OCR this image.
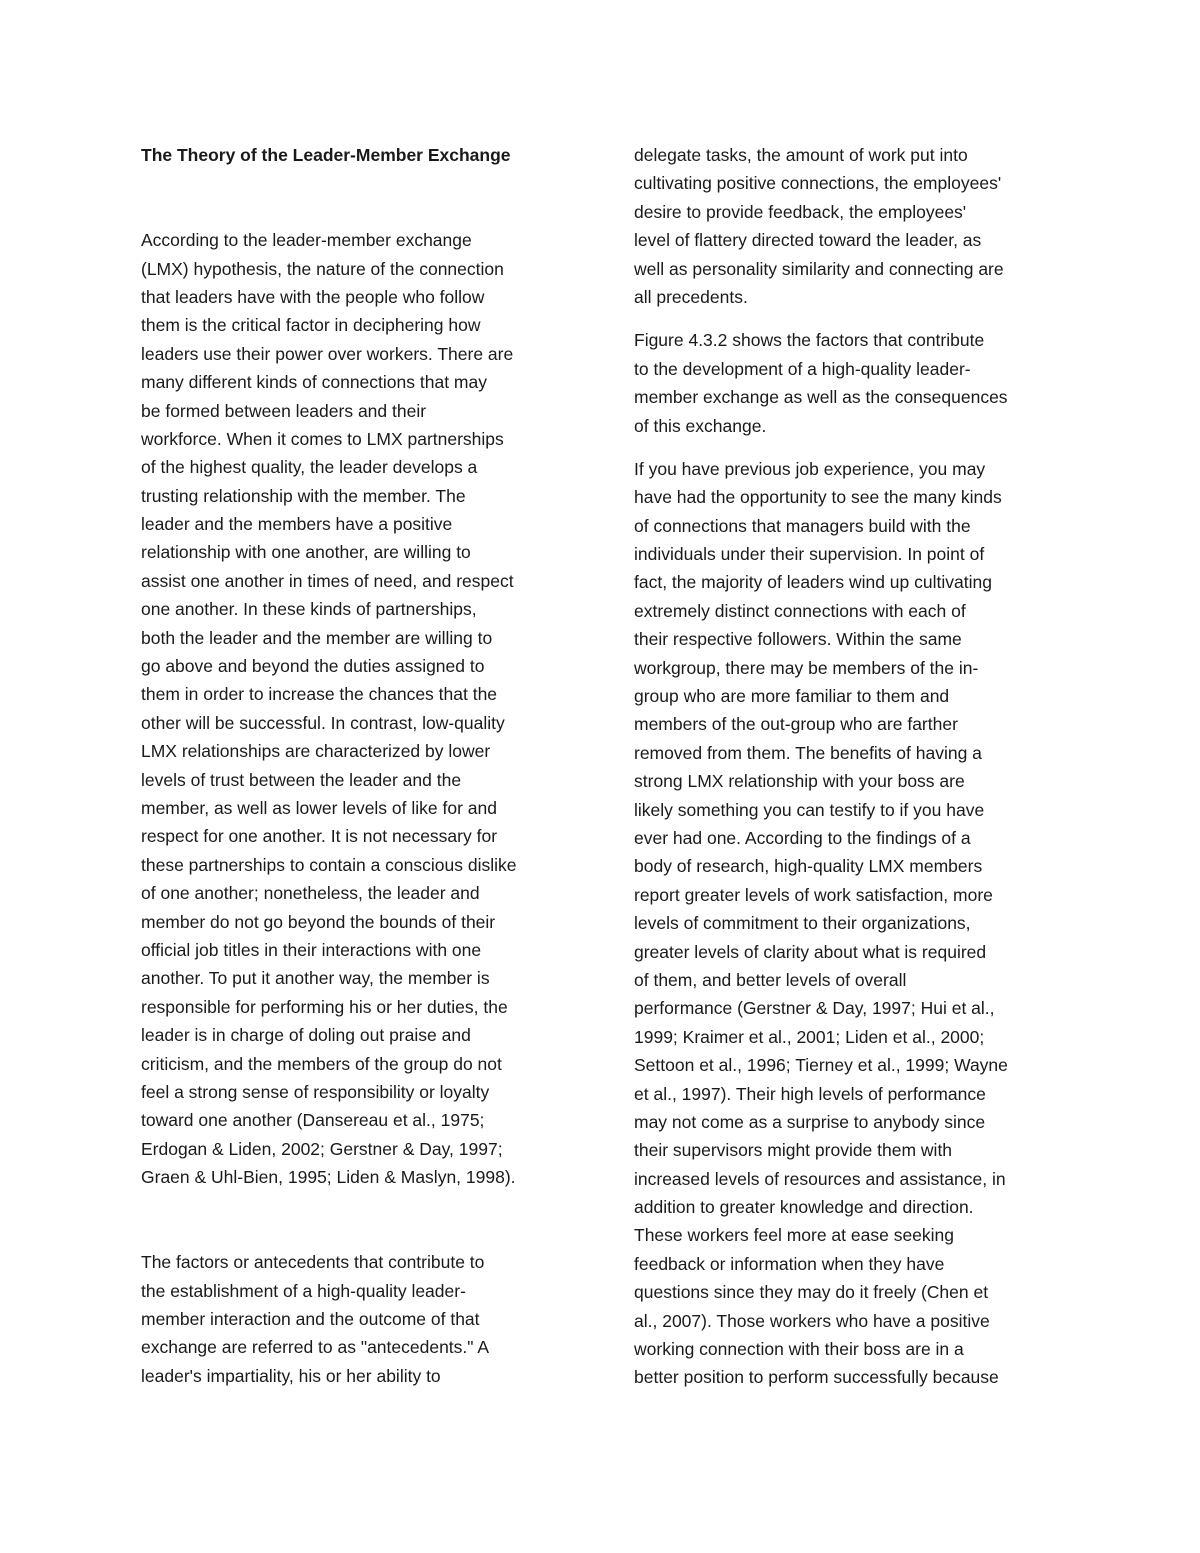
The Theory of the Leader-Member Exchange
According to the leader-member exchange
(LMX) hypothesis, the nature of the connection
that leaders have with the people who follow
them is the critical factor in deciphering how
leaders use their power over workers. There are
many different kinds of connections that may
be formed between leaders and their
workforce. When it comes to LMX partnerships
of the highest quality, the leader develops a
trusting relationship with the member. The
leader and the members have a positive
relationship with one another, are willing to
assist one another in times of need, and respect
one another. In these kinds of partnerships,
both the leader and the member are willing to
go above and beyond the duties assigned to
them in order to increase the chances that the
other will be successful. In contrast, low-quality
LMX relationships are characterized by lower
levels of trust between the leader and the
member, as well as lower levels of like for and
respect for one another. It is not necessary for
these partnerships to contain a conscious dislike
of one another; nonetheless, the leader and
member do not go beyond the bounds of their
official job titles in their interactions with one
another. To put it another way, the member is
responsible for performing his or her duties, the
leader is in charge of doling out praise and
criticism, and the members of the group do not
feel a strong sense of responsibility or loyalty
toward one another (Dansereau et al., 1975;
Erdogan & Liden, 2002; Gerstner & Day, 1997;
Graen & Uhl-Bien, 1995; Liden & Maslyn, 1998).
The factors or antecedents that contribute to
the establishment of a high-quality leader-
member interaction and the outcome of that
exchange are referred to as "antecedents." A
leader's impartiality, his or her ability to
delegate tasks, the amount of work put into
cultivating positive connections, the employees'
desire to provide feedback, the employees'
level of flattery directed toward the leader, as
well as personality similarity and connecting are
all precedents.
Figure 4.3.2 shows the factors that contribute
to the development of a high-quality leader-
member exchange as well as the consequences
of this exchange.
If you have previous job experience, you may
have had the opportunity to see the many kinds
of connections that managers build with the
individuals under their supervision. In point of
fact, the majority of leaders wind up cultivating
extremely distinct connections with each of
their respective followers. Within the same
workgroup, there may be members of the in-
group who are more familiar to them and
members of the out-group who are farther
removed from them. The benefits of having a
strong LMX relationship with your boss are
likely something you can testify to if you have
ever had one. According to the findings of a
body of research, high-quality LMX members
report greater levels of work satisfaction, more
levels of commitment to their organizations,
greater levels of clarity about what is required
of them, and better levels of overall
performance (Gerstner & Day, 1997; Hui et al.,
1999; Kraimer et al., 2001; Liden et al., 2000;
Settoon et al., 1996; Tierney et al., 1999; Wayne
et al., 1997). Their high levels of performance
may not come as a surprise to anybody since
their supervisors might provide them with
increased levels of resources and assistance, in
addition to greater knowledge and direction.
These workers feel more at ease seeking
feedback or information when they have
questions since they may do it freely (Chen et
al., 2007). Those workers who have a positive
working connection with their boss are in a
better position to perform successfully because
